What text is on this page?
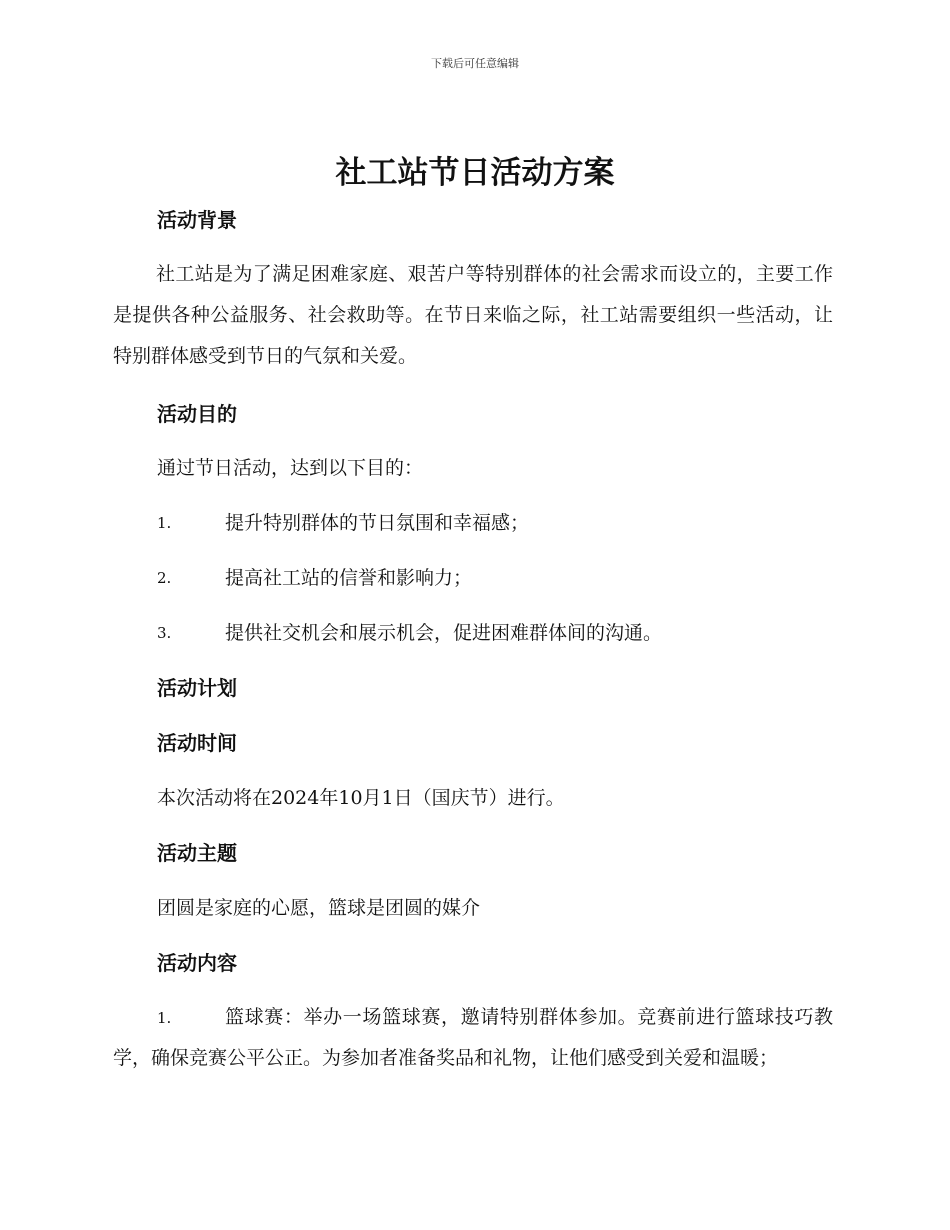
下载后可任意编辑
社工站节日活动方案
活动背景

社工站是为了满足困难家庭、艰苦户等特别群体的社会需求而设立的，主要工作是提供各种公益服务、社会救助等。在节日来临之际，社工站需要组织一些活动，让特别群体感受到节日的气氛和关爱。

活动目的

通过节日活动，达到以下目的：

1.	提升特别群体的节日氛围和幸福感；
2.	提高社工站的信誉和影响力；
3.	提供社交机会和展示机会，促进困难群体间的沟通。
活动计划
活动时间

本次活动将在2024年10月1日（国庆节）进行。

活动主题

团圆是家庭的心愿，篮球是团圆的媒介

活动内容
1.	篮球赛：举办一场篮球赛，邀请特别群体参加。竞赛前进行篮球技巧教学，确保竞赛公平公正。为参加者准备奖品和礼物，让他们感受到关爱和温暖；
